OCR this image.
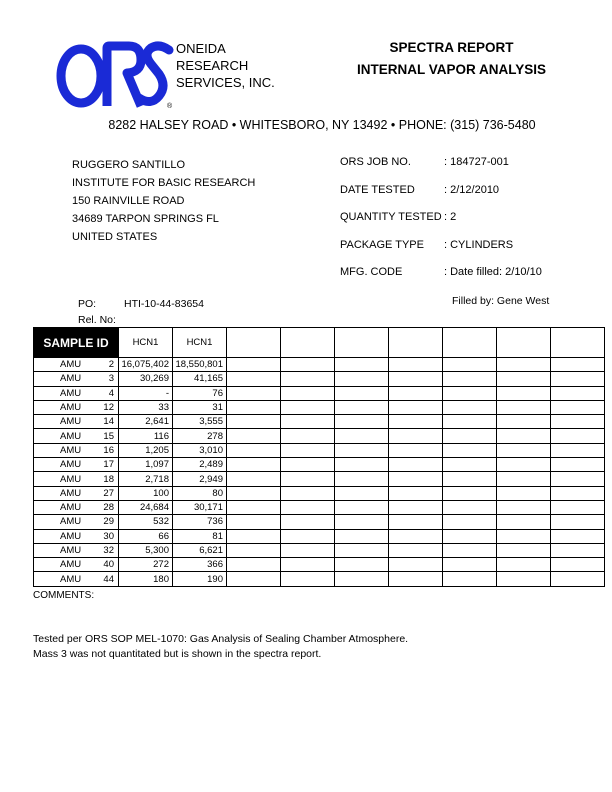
®
ONEIDA
RESEARCH
SERVICES, INC.
SPECTRA REPORT
INTERNAL VAPOR ANALYSIS
8282 HALSEY ROAD • WHITESBORO, NY 13492 • PHONE: (315) 736-5480
RUGGERO SANTILLO
INSTITUTE FOR BASIC RESEARCH
150 RAINVILLE ROAD
34689 TARPON SPRINGS FL
UNITED STATES
ORS JOB NO.	: 184727-001
DATE TESTED	: 2/12/2010
QUANTITY TESTED : 2
PACKAGE TYPE : CYLINDERS
MFG. CODE	: Date filled: 2/10/10
Filled by: Gene West
PO:	HTI-10-44-83654
Rel. No:
SAMPLE ID		HCN1	HCN1							
AMU	2	16,075,402	18,550,801							
AMU	3	30,269	41,165							
AMU	4	-	76							
AMU	12	33	31							
AMU	14	2,641	3,555							
AMU	15	116	278							
AMU	16	1,205	3,010							
AMU	17	1,097	2,489							
AMU	18	2,718	2,949							
AMU	27	100	80							
AMU	28	24,684	30,171							
AMU	29	532	736							
AMU	30	66	81							
AMU	32	5,300	6,621							
AMU	40	272	366							
AMU	44	180	190							
COMMENTS:
Tested per ORS SOP MEL-1070: Gas Analysis of Sealing Chamber Atmosphere.
Mass 3 was not quantitated but is shown in the spectra report.
